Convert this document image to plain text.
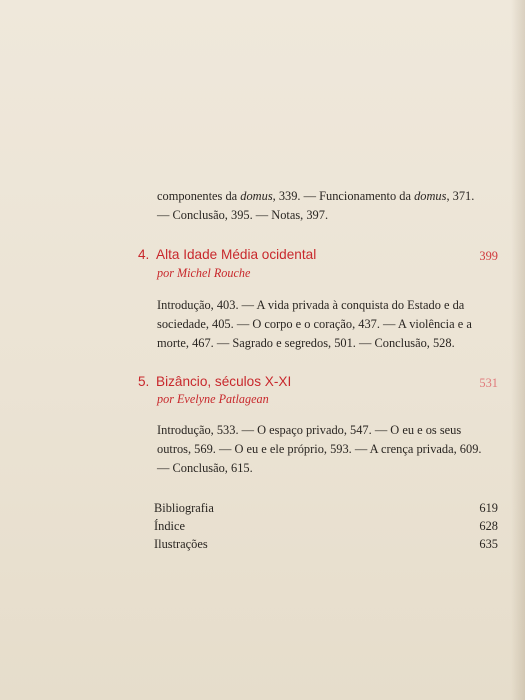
componentes da domus, 339. — Funcionamento da domus, 371.
— Conclusão, 395. — Notas, 397.
4. Alta Idade Média ocidental	399
por Michel Rouche
Introdução, 403. — A vida privada à conquista do Estado e da
sociedade, 405. — O corpo e o coração, 437. — A violência e a
morte, 467. — Sagrado e segredos, 501. — Conclusão, 528.
5. Bizâncio, séculos X-XI	531
por Evelyne Patlagean
Introdução, 533. — O espaço privado, 547. — O eu e os seus
outros, 569. — O eu e ele próprio, 593. — A crença privada, 609.
— Conclusão, 615.
Bibliografia	619
Índice	628
Ilustrações	635
